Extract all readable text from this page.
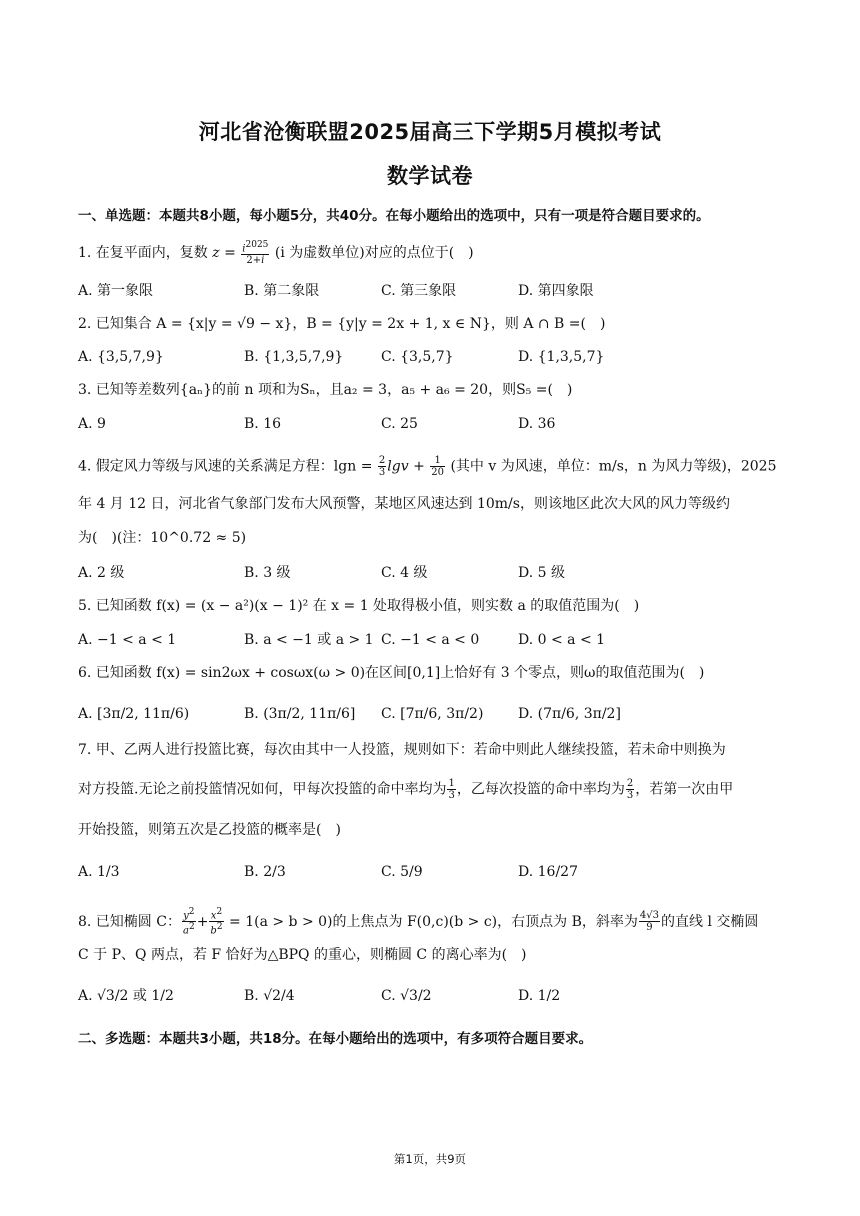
河北省沧衡联盟2025届高三下学期5月模拟考试
数学试卷
一、单选题：本题共8小题，每小题5分，共40分。在每小题给出的选项中，只有一项是符合题目要求的。
1. 在复平面内，复数 $z = \frac{i^{2025}}{2+i} (i$ 为虚数单位)对应的点位于(　)
A. 第一象限	B. 第二象限	C. 第三象限	D. 第四象限
2. 已知集合 A = {x|y = √9 − x}，B = {y|y = 2x + 1, x ∈ N}，则 A ∩ B =(　)
A. {3,5,7,9}	B. {1,3,5,7,9}	C. {3,5,7}	D. {1,3,5,7}
3. 已知等差数列{aₙ}的前 n 项和为Sₙ，且a₂ = 3，a₅ + a₆ = 20，则S₅ =(　)
A. 9	B. 16	C. 25	D. 36
4. 假定风力等级与风速的关系满足方程：$\lg n = \frac{2}{3}$ $\lg v + \frac{1}{20}$ (其中 v 为风速，单位：m/s，n 为风力等级)，2025
年 4 月 12 日，河北省气象部门发布大风预警，某地区风速达到 10m/s，则该地区此次大风的风力等级约
为(　)(注：10^0.72 ≈ 5)
A. 2 级	B. 3 级	C. 4 级	D. 5 级
5. 已知函数 f(x) = (x − a²)(x − 1)² 在 x = 1 处取得极小值，则实数 a 的取值范围为(　)
A. −1 < a < 1	B. a < −1 或 a > 1 C. −1 < a < 0	D. 0 < a < 1
6. 已知函数 f(x) = sin2ωx + cosωx(ω > 0)在区间[0,1]上恰好有 3 个零点，则ω的取值范围为(　)
A. [3π/2, 11π/6)	B. (3π/2, 11π/6] C. [7π/6, 3π/2) D. (7π/6, 3π/2]
7. 甲、乙两人进行投篮比赛，每次由其中一人投篮，规则如下：若命中则此人继续投篮，若未命中则换为
对方投篮.无论之前投篮情况如何，甲每次投篮的命中率均为 $\frac{1}{3}$ ，乙每次投篮的命中率均为 $\frac{2}{3}$ ，若第一次由甲
开始投篮，则第五次是乙投篮的概率是(　)
A. 1/3	B. 2/3	C. 5/9	D. 16/27
8. 已知椭圆 C： $\frac{y^2}{a^2} + \frac{x^2}{b^2} = 1(a > b > 0)$的上焦点为 F(0,c)(b > c)，右顶点为 B，斜率为 $\frac{4√3}{9}$ 的直线 l 交椭圆
C 于 P、Q 两点，若 F 恰好为△BPQ 的重心，则椭圆 C 的离心率为(　)
A. √3/2 或 1/2	B. √2/4	C. √3/2	D. 1/2
二、多选题：本题共3小题，共18分。在每小题给出的选项中，有多项符合题目要求。
第1页，共9页
